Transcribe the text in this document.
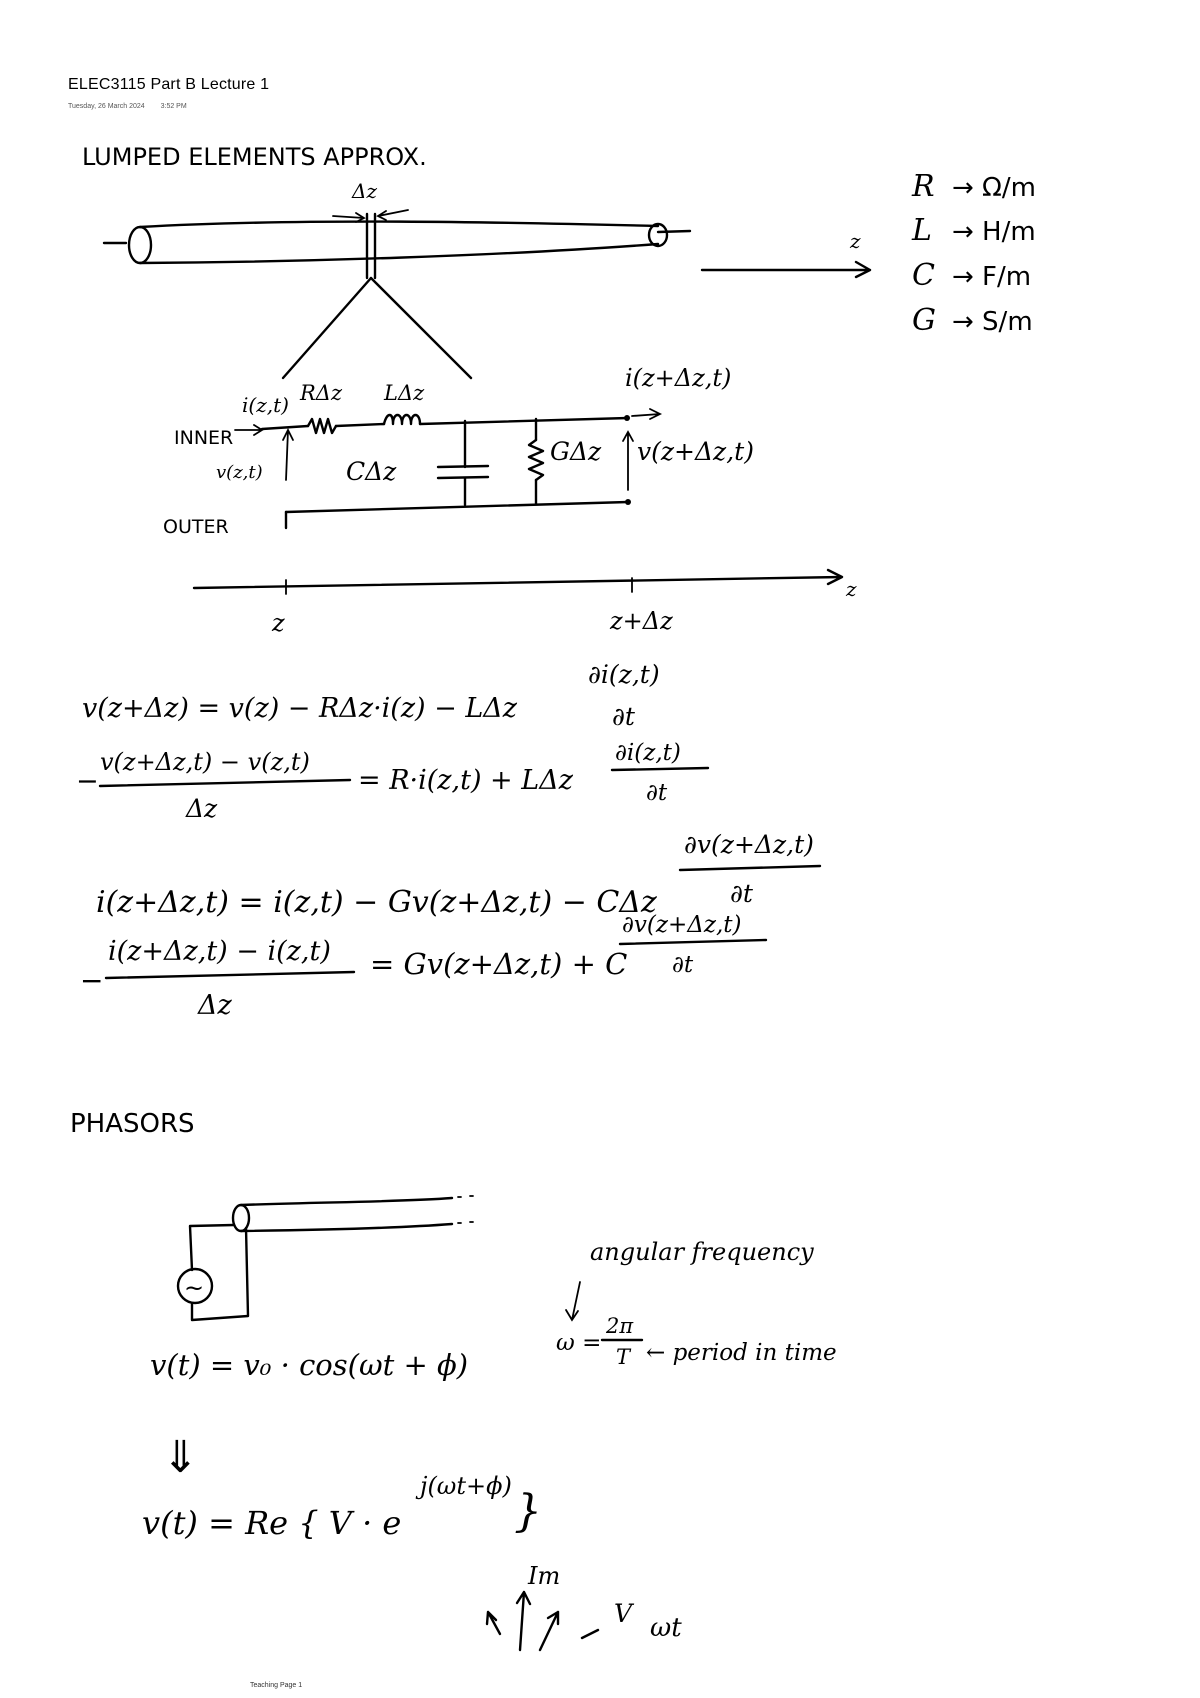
ELEC3115 Part B Lecture 1
Tuesday, 26 March 2024 3:52 PM
LUMPED ELEMENTS APPROX.
Δz
z
R → Ω/m
L → H/m
C → F/m
G → S/m
i(z,t) RΔz LΔz
i(z+Δz,t)
INNER
OUTER
v(z,t)	CΔz
GΔz v(z+Δz,t)
z	z+Δz
z
v(z+Δz) = v(z) − RΔz·i(z) − LΔz
∂i(z,t)
∂t
−
v(z+Δz,t) − v(z,t)
Δz
= R·i(z,t) + LΔz
∂i(z,t)
∂t
i(z+Δz,t) = i(z,t) − Gv(z+Δz,t) − CΔz
∂v(z+Δz,t)
∂t
−
i(z+Δz,t) − i(z,t)
Δz
= Gv(z+Δz,t) + C
∂v(z+Δz,t)
∂t
PHASORS
~
angular frequency
ω =
2π
T ← period in time
v(t) = v₀ · cos(ωt + ϕ)
⇓
v(t) = Re { V · e
j(ωt+ϕ) }
Im
V ωt
Teaching Page 1
